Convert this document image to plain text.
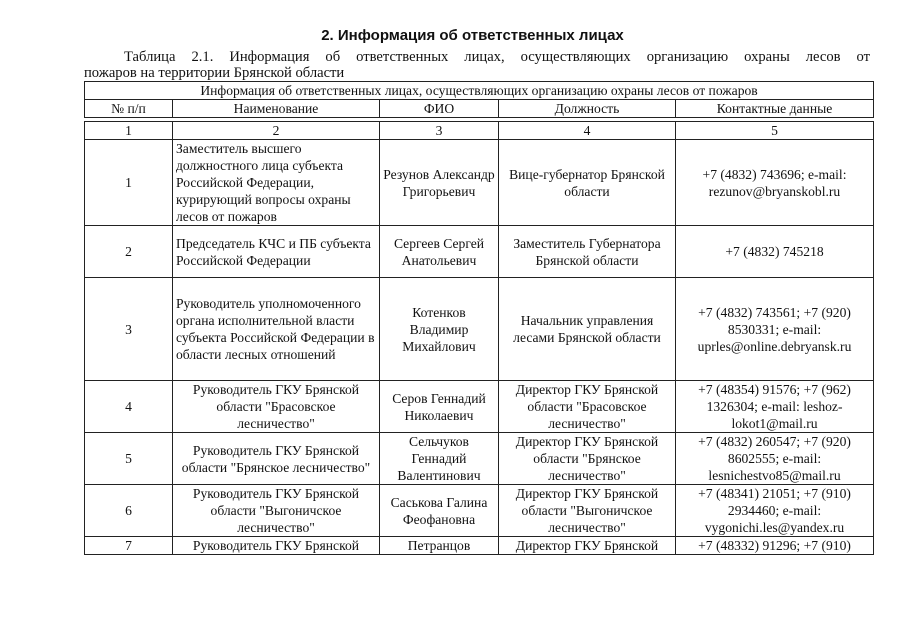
2. Информация об ответственных лицах
Таблица 2.1. Информация об ответственных лицах, осуществляющих организацию охраны лесов от
пожаров на территории Брянской области
Информация об ответственных лицах, осуществляющих организацию охраны лесов от пожаров				
№ п/п	Наименование	ФИО	Должность	Контактные данные

1	2	3	4	5
1	Заместитель высшего должностного лица субъекта Российской Федерации, курирующий вопросы охраны лесов от пожаров	Резунов Александр Григорьевич	Вице-губернатор Брянской области	+7 (4832) 743696; e-mail: rezunov@bryanskobl.ru
2	Председатель КЧС и ПБ субъекта Российской Федерации	Сергеев Сергей Анатольевич	Заместитель Губернатора Брянской области	+7 (4832) 745218
3	Руководитель уполномоченного органа исполнительной власти субъекта Российской Федерации в области лесных отношений	Котенков Владимир Михайлович	Начальник управления лесами Брянской области	+7 (4832) 743561; +7 (920) 8530331; e-mail: uprles@online.debryansk.ru
4	Руководитель ГКУ Брянской области "Брасовское лесничество"	Серов Геннадий Николаевич	Директор ГКУ Брянской области "Брасовское лесничество"	+7 (48354) 91576; +7 (962) 1326304; e-mail: leshoz-lokot1@mail.ru
5	Руководитель ГКУ Брянской области "Брянское лесничество"	Сельчуков Геннадий Валентинович	Директор ГКУ Брянской области "Брянское лесничество"	+7 (4832) 260547; +7 (920) 8602555; e-mail: lesnichestvo85@mail.ru
6	Руководитель ГКУ Брянской области "Выгоничское лесничество"	Саськова Галина Феофановна	Директор ГКУ Брянской области "Выгоничское лесничество"	+7 (48341) 21051; +7 (910) 2934460; e-mail: vygonichi.les@yandex.ru

7	Руководитель ГКУ Брянской	Петранцов	Директор ГКУ Брянской	+7 (48332) 91296; +7 (910)
